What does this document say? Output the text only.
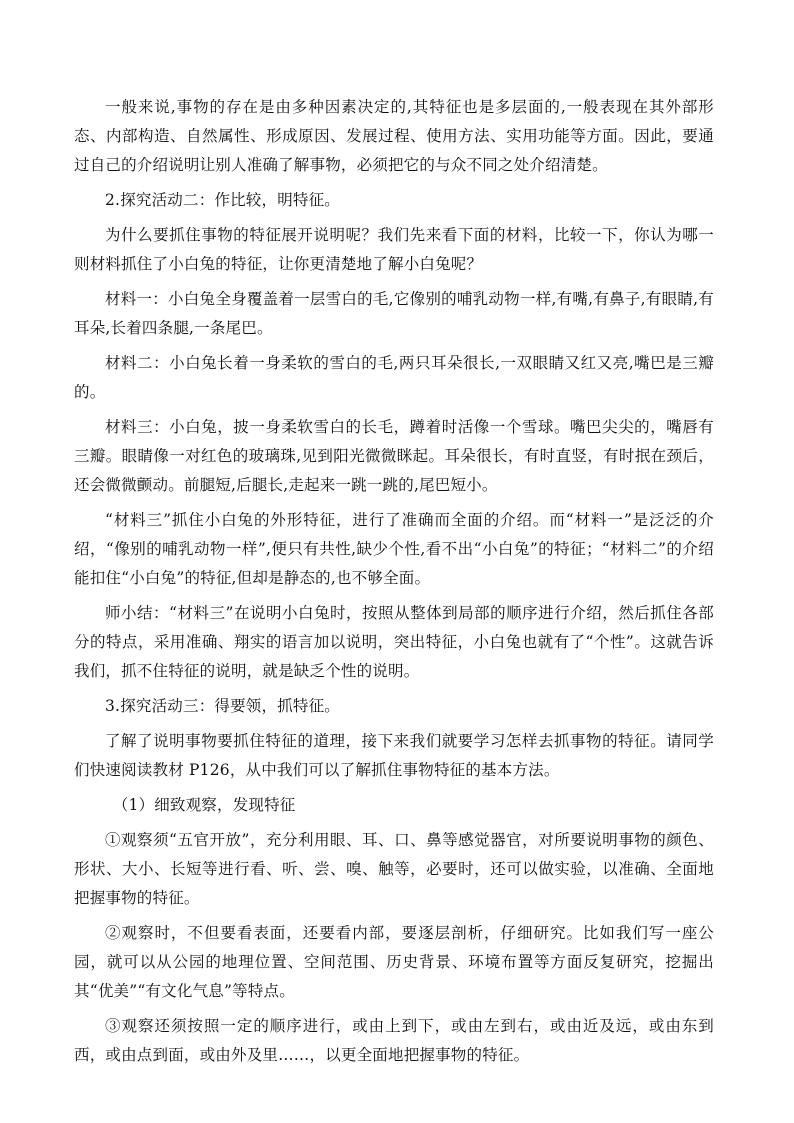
一般来说,事物的存在是由多种因素决定的,其特征也是多层面的,一般表现在其外部形态、内部构造、自然属性、形成原因、发展过程、使用方法、实用功能等方面。因此，要通过自己的介绍说明让别人准确了解事物，必须把它的与众不同之处介绍清楚。

2.探究活动二：作比较，明特征。

为什么要抓住事物的特征展开说明呢？我们先来看下面的材料，比较一下，你认为哪一则材料抓住了小白兔的特征，让你更清楚地了解小白兔呢？

材料一：小白兔全身覆盖着一层雪白的毛,它像别的哺乳动物一样,有嘴,有鼻子,有眼睛,有耳朵,长着四条腿,一条尾巴。

材料二：小白兔长着一身柔软的雪白的毛,两只耳朵很长,一双眼睛又红又亮,嘴巴是三瓣的。

材料三：小白兔，披一身柔软雪白的长毛，蹲着时活像一个雪球。嘴巴尖尖的，嘴唇有三瓣。眼睛像一对红色的玻璃珠,见到阳光微微眯起。耳朵很长，有时直竖，有时抿在颈后，还会微微颤动。前腿短,后腿长,走起来一跳一跳的,尾巴短小。

“材料三”抓住小白兔的外形特征，进行了准确而全面的介绍。而“材料一”是泛泛的介绍，“像别的哺乳动物一样”,便只有共性,缺少个性,看不出“小白兔”的特征；“材料二”的介绍能扣住“小白兔”的特征,但却是静态的,也不够全面。

师小结：“材料三”在说明小白兔时，按照从整体到局部的顺序进行介绍，然后抓住各部分的特点，采用准确、翔实的语言加以说明，突出特征，小白兔也就有了“个性”。这就告诉我们，抓不住特征的说明，就是缺乏个性的说明。

3.探究活动三：得要领，抓特征。

了解了说明事物要抓住特征的道理，接下来我们就要学习怎样去抓事物的特征。请同学们快速阅读教材 P126，从中我们可以了解抓住事物特征的基本方法。

（1）细致观察，发现特征

①观察须“五官开放”，充分利用眼、耳、口、鼻等感觉器官，对所要说明事物的颜色、形状、大小、长短等进行看、听、尝、嗅、触等，必要时，还可以做实验，以准确、全面地把握事物的特征。

②观察时，不但要看表面，还要看内部，要逐层剖析，仔细研究。比如我们写一座公园，就可以从公园的地理位置、空间范围、历史背景、环境布置等方面反复研究，挖掘出其“优美”“有文化气息”等特点。

③观察还须按照一定的顺序进行，或由上到下，或由左到右，或由近及远，或由东到西，或由点到面，或由外及里……，以更全面地把握事物的特征。
